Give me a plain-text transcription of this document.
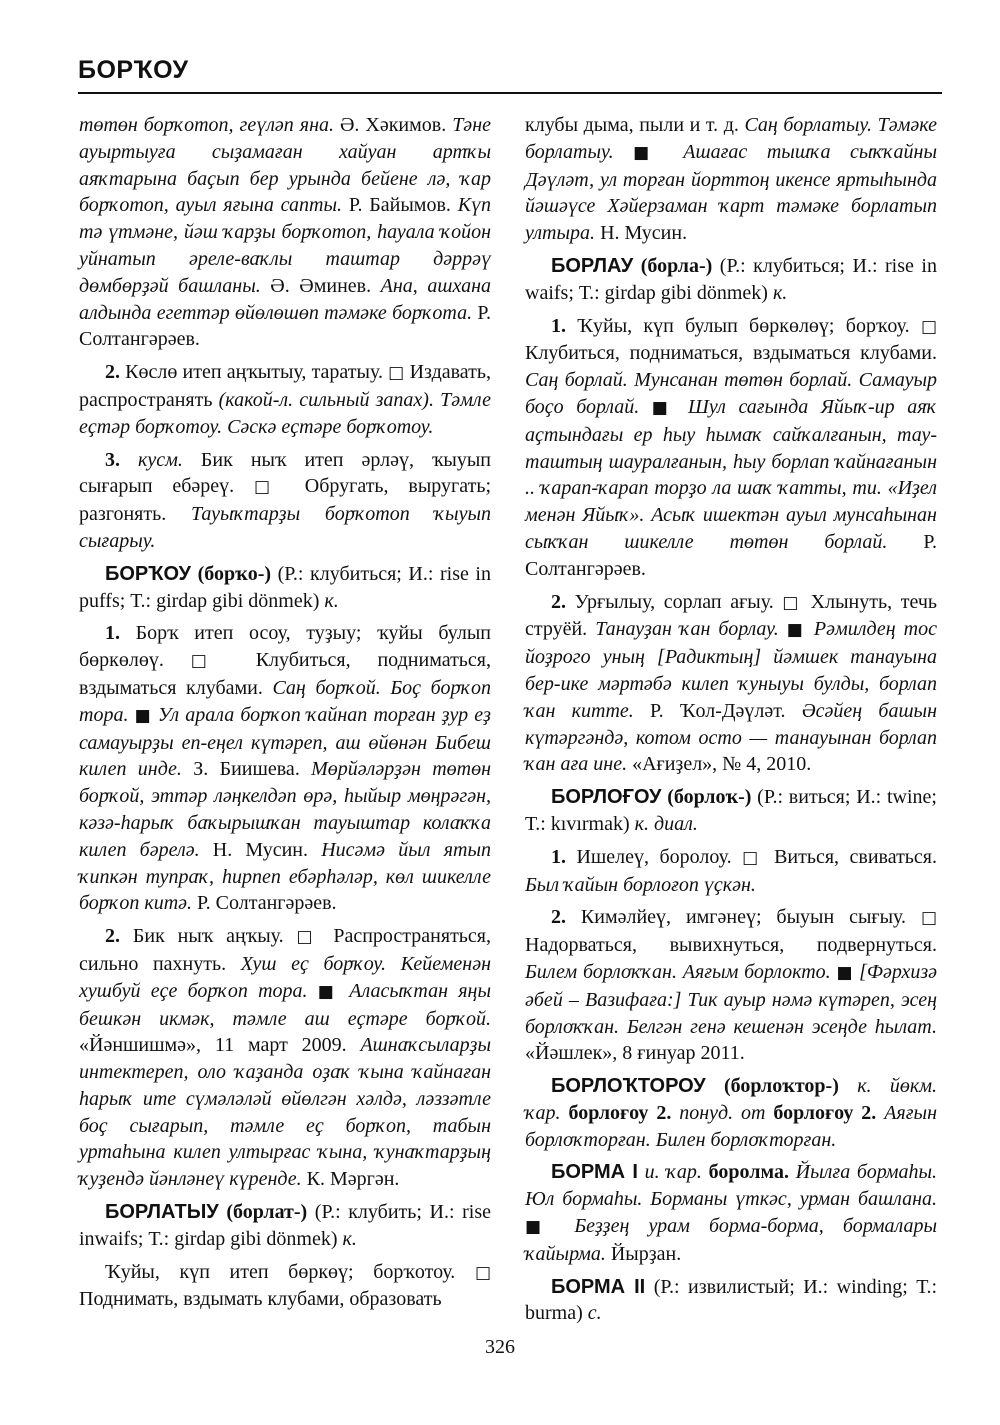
БОРҠОУ

төтөн борҡотоп, геүләп яна. Ә. Хәкимов. Тәне ауыртыуға сыҙамаған хайуан артҡы аяҡтарына баҫып бер урында бейене лә, ҡар борҡотоп, ауыл яғына сапты. Р. Байымов. Күп тә үтмәне, йәш ҡарҙы борҡотоп, һауала ҡойон уйнатып әреле-ваҡлы таштар дәррәү дөмбөрҙәй башланы. Ә. Әминев. Ана, ашхана алдында егеттәр өйөлөшөп тәмәке борҡота. Р. Солтангәрәев.

2. Көслө итеп аңҡытыу, таратыу. □ Издавать, распространять (какой-л. сильный запах). Тәмле еҫтәр борҡотоу. Сәскә еҫтәре борҡотоу.

3. кусм. Бик ныҡ итеп әрләү, ҡыуып сығарып ебәреү. □ Обругать, выругать; разгонять. Тауыҡтарҙы борҡотоп ҡыуып сығарыу.

БОРҠОУ (борҡо-) (Р.: клубиться; И.: rise in puffs; Т.: girdap gibi dönmek) к.

1. Борҡ итеп осоу, туҙыу; ҡуйы булып бөркөлөү. □ Клубиться, подниматься, вздыматься клубами. Саң борҡой. Боҫ борҡоп тора. ■ Ул арала борҡоп ҡайнап торған ҙур еҙ самауырҙы еп-еңел күтәреп, аш өйөнән Бибеш килеп инде. З. Биишева. Мөрйәләрҙән төтөн борҡой, эттәр ләңкелдәп өрә, һыйыр мөңрәгән, кәзә-һарыҡ баҡырышҡан тауыштар колаҡҡа килеп бәрелә. Н. Мусин. Нисәмә йыл ятып ҡипкән тупраҡ, һирпеп ебәрһәләр, көл шикелле борҡоп китә. Р. Солтангәрәев.

2. Бик ныҡ аңҡыу. □ Распространяться, сильно пахнуть. Хуш еҫ борҡоу. Кейеменән хушбуй еҫе борҡоп тора. ■ Аласыҡтан яңы бешкән икмәк, тәмле аш еҫтәре борҡой. «Йәншишмә», 11 март 2009. Ашнаҡсыларҙы интектереп, оло ҡаҙанда оҙаҡ ҡына ҡайнаған һарыҡ ите сүмәләләй өйөлгән хәлдә, ләззәтле боҫ сығарып, тәмле еҫ борҡоп, табын уртаһына килеп ултырғас ҡына, ҡунаҡтарҙың ҡуҙендә йәнләнеү күренде. К. Мәргән.

БОРЛАТЫУ (борлат-) (Р.: клубить; И.: rise inwaifs; Т.: girdap gibi dönmek) к.

Ҡуйы, күп итеп бөркөү; борҡотоу. □ Поднимать, вздымать клубами, образовать

клубы дыма, пыли и т. д. Саң борлатыу. Тәмәке борлатыу. ■ Ашағас тышҡа сыҡҡайны Дәүләт, ул торған йорттоң икенсе яртыһында йәшәүсе Хәйерзаман ҡарт тәмәке борлатып ултыра. Н. Мусин.

БОРЛАУ (борла-) (Р.: клубиться; И.: rise in waifs; Т.: girdap gibi dönmek) к.

1. Ҡуйы, күп булып бөркөлөү; борҡоу. □ Клубиться, подниматься, вздыматься клубами. Саң борлай. Мунсанан төтөн борлай. Самауыр боҫо борлай. ■ Шул сағында Яйыҡ-ир аяҡ аҫтындағы ер һыу һымаҡ сайҡалғанын, тау-таштың шауралғанын, һыу борлап ҡайнағанын .. ҡарап-ҡарап торҙо ла шаҡ ҡатты, ти. «Иҙел менән Яйыҡ». Асыҡ ишектән ауыл мунсаһынан сыҡҡан шикелле төтөн борлай. Р. Солтангәрәев.

2. Урғылыу, сорлап ағыу. □ Хлынуть, течь струёй. Танауҙан ҡан борлау. ■ Рәмилдең тос йоҙрого уның [Радиктың] йәмшек танауына бер-ике мәртәбә килеп ҡуныуы булды, борлап ҡан китте. Р. Ҡол-Дәүләт. Әсәйең башын күтәргәндә, котом осто — танауынан борлап ҡан аға ине. «Ағиҙел», № 4, 2010.

БОРЛОҒОУ (борлоҡ-) (Р.: виться; И.: twine; Т.: kıvırmak) к. диал.

1. Ишелеү, боролоу. □ Виться, свиваться. Был ҡайын борлоғоп үҫкән.

2. Кимәлйеү, имгәнеү; быуын сығыу. □ Надорваться, вывихнуться, подвернуться. Билем борлоҡҡан. Аяғым борлокто. ■ [Фәрхизә әбей – Вазифаға:] Тик ауыр нәмә күтәреп, эсең борлоҡҡан. Белгән генә кешенән эсеңде һылат. «Йәшлек», 8 ғинуар 2011.

БОРЛОҠТОРОУ (борлоҡтор-) к. йөкм. ҡар. борлоғоу 2. понуд. от борлоғоу 2. Аяғын борлоҡторған. Билен борлоҡторған.

БОРМА I и. ҡар. боролма. Йылға бормаһы. Юл бормаһы. Борманы үткәс, урман башлана. ■ Беҙҙең урам борма-борма, бормалары ҡайырма. Йырҙан.

БОРМА II (Р.: извилистый; И.: winding; Т.: burma) с.

326
